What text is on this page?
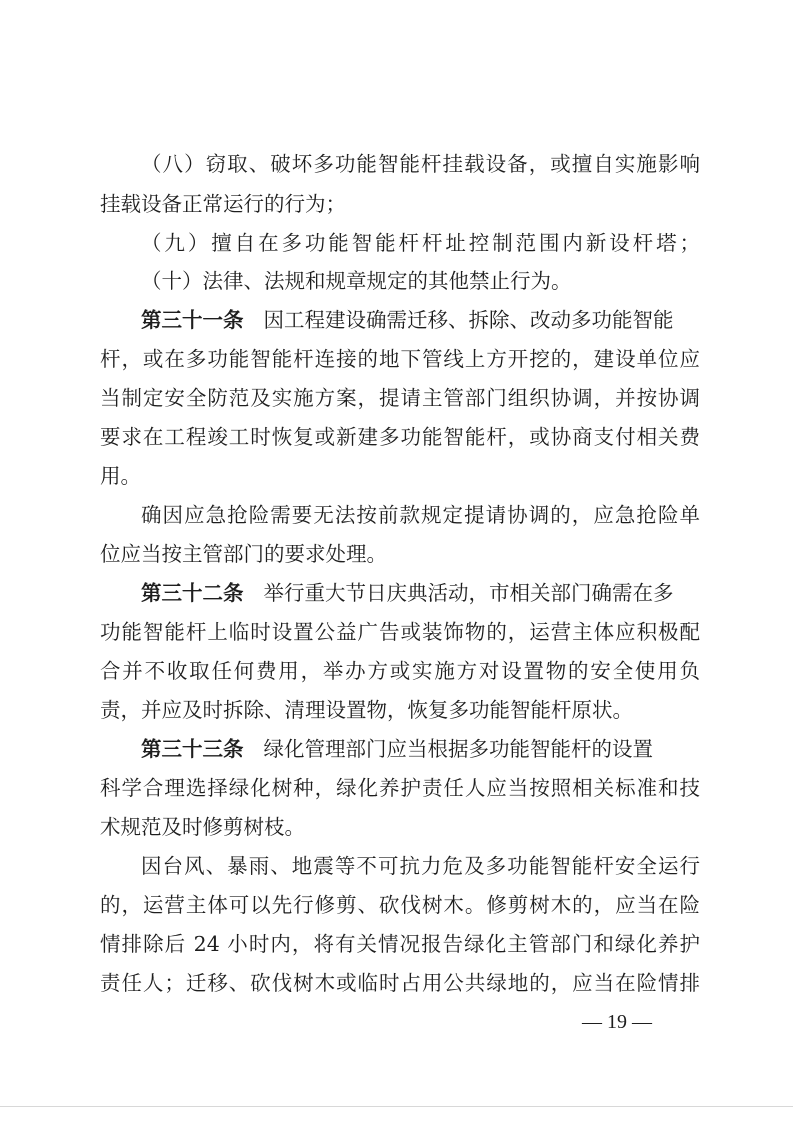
（八）窃取、破坏多功能智能杆挂载设备，或擅自实施影响
挂载设备正常运行的行为；
（九）擅自在多功能智能杆杆址控制范围内新设杆塔；
（十）法律、法规和规章规定的其他禁止行为。
第三十一条 因工程建设确需迁移、拆除、改动多功能智能
杆，或在多功能智能杆连接的地下管线上方开挖的，建设单位应
当制定安全防范及实施方案，提请主管部门组织协调，并按协调
要求在工程竣工时恢复或新建多功能智能杆，或协商支付相关费
用。
确因应急抢险需要无法按前款规定提请协调的，应急抢险单
位应当按主管部门的要求处理。
第三十二条 举行重大节日庆典活动，市相关部门确需在多
功能智能杆上临时设置公益广告或装饰物的，运营主体应积极配
合并不收取任何费用，举办方或实施方对设置物的安全使用负
责，并应及时拆除、清理设置物，恢复多功能智能杆原状。
第三十三条 绿化管理部门应当根据多功能智能杆的设置
科学合理选择绿化树种，绿化养护责任人应当按照相关标准和技
术规范及时修剪树枝。
因台风、暴雨、地震等不可抗力危及多功能智能杆安全运行
的，运营主体可以先行修剪、砍伐树木。修剪树木的，应当在险
情排除后 24 小时内，将有关情况报告绿化主管部门和绿化养护
责任人；迁移、砍伐树木或临时占用公共绿地的，应当在险情排
— 19 —
